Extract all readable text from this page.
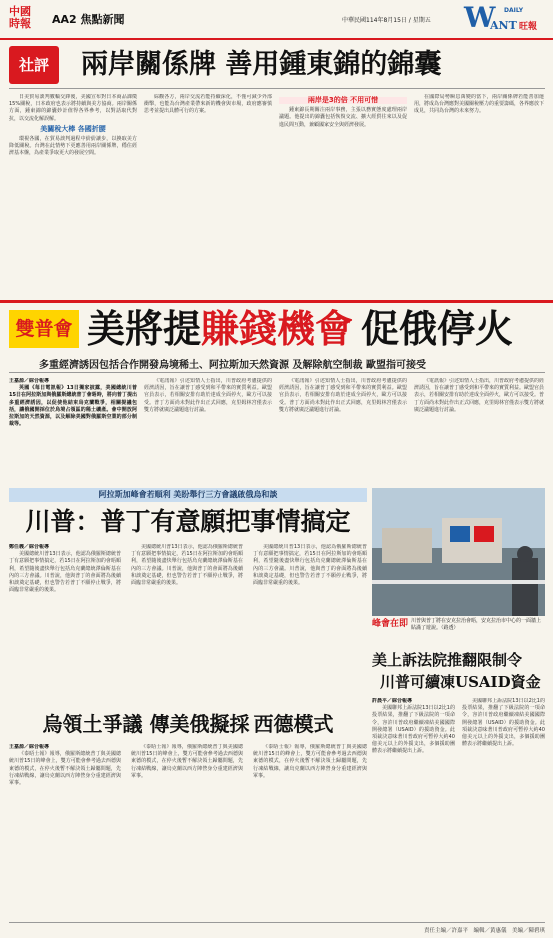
中國
時報	AA2 焦點新聞	中華民國114年8月15日 / 星期五 W DAILY
ANT 旺報
社評	兩岸關係牌 善用鍾東錦的錦囊

日美貿易談判數輪交鋒後，美國宣布對日本商品課徵15%關稅，日本政府也表示將持續與美方協商。兩岸關係方面，鍾東錦的錦囊妙計值得各界參考，以對話取代對抗，以交流化解誤解。

美關稅大棒 各國折腰

環視各國，在貿易談判過程中紛紛讓步，以換取美方降低關稅。台灣在此情勢下更應善用兩岸關係牌，穩住經濟基本盤，為產業爭取更大的發展空間。

綜觀各方，兩岸交流若能持續深化，不僅可減少外部衝擊，也能為台灣產業帶來新的機會與市場，政府應審慎思考並提出具體可行的方案。

兩岸是3的倍 不用可惜

鍾東錦長期關注兩岸事務，主張以務實態度處理兩岸議題。他提出的錦囊包括恢復交流、擴大經貿往來以及促進民間互動，兼顧國家安全與經濟發展。

在國際局勢瞬息萬變的當下，兩岸關係牌若能善加運用，將成為台灣應對美國關稅壓力的重要籌碼，各界應放下成見，共同為台灣的未來努力。

雙普會 美將提賺錢機會 促俄停火
多重經濟誘因包括合作開發烏境稀土、阿拉斯加天然資源 及解除航空制裁 歐盟指可接受
王嘉源／綜合報導

英國《每日電訊報》13日獨家披露，美國總統川普15日在阿拉斯加與俄羅斯總統普丁會晤時，將向普丁提出多重經濟誘因，以促使他結束烏克蘭戰爭，相關提議包括，讓俄國開採位於烏境占領區的稀土礦產。會中開放阿拉斯加的天然資源，以及解除美國對俄羅斯空業的部分制裁等。

《電訊報》引述知情人士指出，川普政府考慮提供的經濟誘因，旨在讓普丁感受到和平帶來的實質利益。歐盟官員表示，若相關安排有助於達成全面停火，歐方可以接受。普丁方面尚未對此作出正式回應，克里姆林宮僅表示雙方將就廣泛議題進行討論。

《電訊報》引述知情人士指出，川普政府考慮提供的經濟誘因，旨在讓普丁感受到和平帶來的實質利益。歐盟官員表示，若相關安排有助於達成全面停火，歐方可以接受。普丁方面尚未對此作出正式回應，克里姆林宮僅表示雙方將就廣泛議題進行討論。

《電訊報》引述知情人士指出，川普政府考慮提供的經濟誘因，旨在讓普丁感受到和平帶來的實質利益。歐盟官員表示，若相關安排有助於達成全面停火，歐方可以接受。普丁方面尚未對此作出正式回應，克里姆林宮僅表示雙方將就廣泛議題進行討論。

阿拉斯加峰會若順利 美盼舉行三方會議啟俄烏和談
川普：普丁有意願把事情搞定
鄭任義／綜合報導

美國總統川普13日表示，他認為俄羅斯總統普丁有意願把事情搞定，若15日在阿拉斯加的會晤順利，希望隨後盡快舉行包括烏克蘭總統澤倫斯基在內的三方會議。川普說，他與普丁的會面將為後續和談奠定基礎，但也警告若普丁不願停止戰爭，將面臨非常嚴重的後果。

美國總統川普13日表示，他認為俄羅斯總統普丁有意願把事情搞定，若15日在阿拉斯加的會晤順利，希望隨後盡快舉行包括烏克蘭總統澤倫斯基在內的三方會議。川普說，他與普丁的會面將為後續和談奠定基礎，但也警告若普丁不願停止戰爭，將面臨非常嚴重的後果。

美國總統川普13日表示，他認為俄羅斯總統普丁有意願把事情搞定，若15日在阿拉斯加的會晤順利，希望隨後盡快舉行包括烏克蘭總統澤倫斯基在內的三方會議。川普說，他與普丁的會面將為後續和談奠定基礎，但也警告若普丁不願停止戰爭，將面臨非常嚴重的後果。

烏領土爭議 傳美俄擬採 西德模式
王嘉源／綜合報導

《泰晤士報》報導，俄羅斯總統普丁與美國總統川普15日的峰會上，雙方可能會參考過去西德與東德的模式，在停火後暫不解決領土歸屬問題，先行凍結戰線，讓烏克蘭以西方陣營身分重建經濟與軍事。

《泰晤士報》報導，俄羅斯總統普丁與美國總統川普15日的峰會上，雙方可能會參考過去西德與東德的模式，在停火後暫不解決領土歸屬問題，先行凍結戰線，讓烏克蘭以西方陣營身分重建經濟與軍事。

《泰晤士報》報導，俄羅斯總統普丁與美國總統川普15日的峰會上，雙方可能會參考過去西德與東德的模式，在停火後暫不解決領土歸屬問題，先行凍結戰線，讓烏克蘭以西方陣營身分重建經濟與軍事。

峰會在即 川普與普丁將在安克拉治會晤，安克拉治市中心的一面牆上貼滿了遊說。（路透）
美上訴法院推翻限制令
川普可續凍USAID資金
許晨平／綜合報導

美國聯邦上訴法院13日以2比1的投票結果，推翻了下級法院的一項命令，容許川普政府繼續凍結美國國際開發總署（USAID）的援助資金。此項裁決意味著川普政府可暫停大約40億美元以上的外援支出，多個援助團體表示將繼續提出上訴。

美國聯邦上訴法院13日以2比1的投票結果，推翻了下級法院的一項命令，容許川普政府繼續凍結美國國際開發總署（USAID）的援助資金。此項裁決意味著川普政府可暫停大約40億美元以上的外援支出，多個援助團體表示將繼續提出上訴。

責任主編／許嘉平　編輯／黃惠儀　美編／陳碧琪
